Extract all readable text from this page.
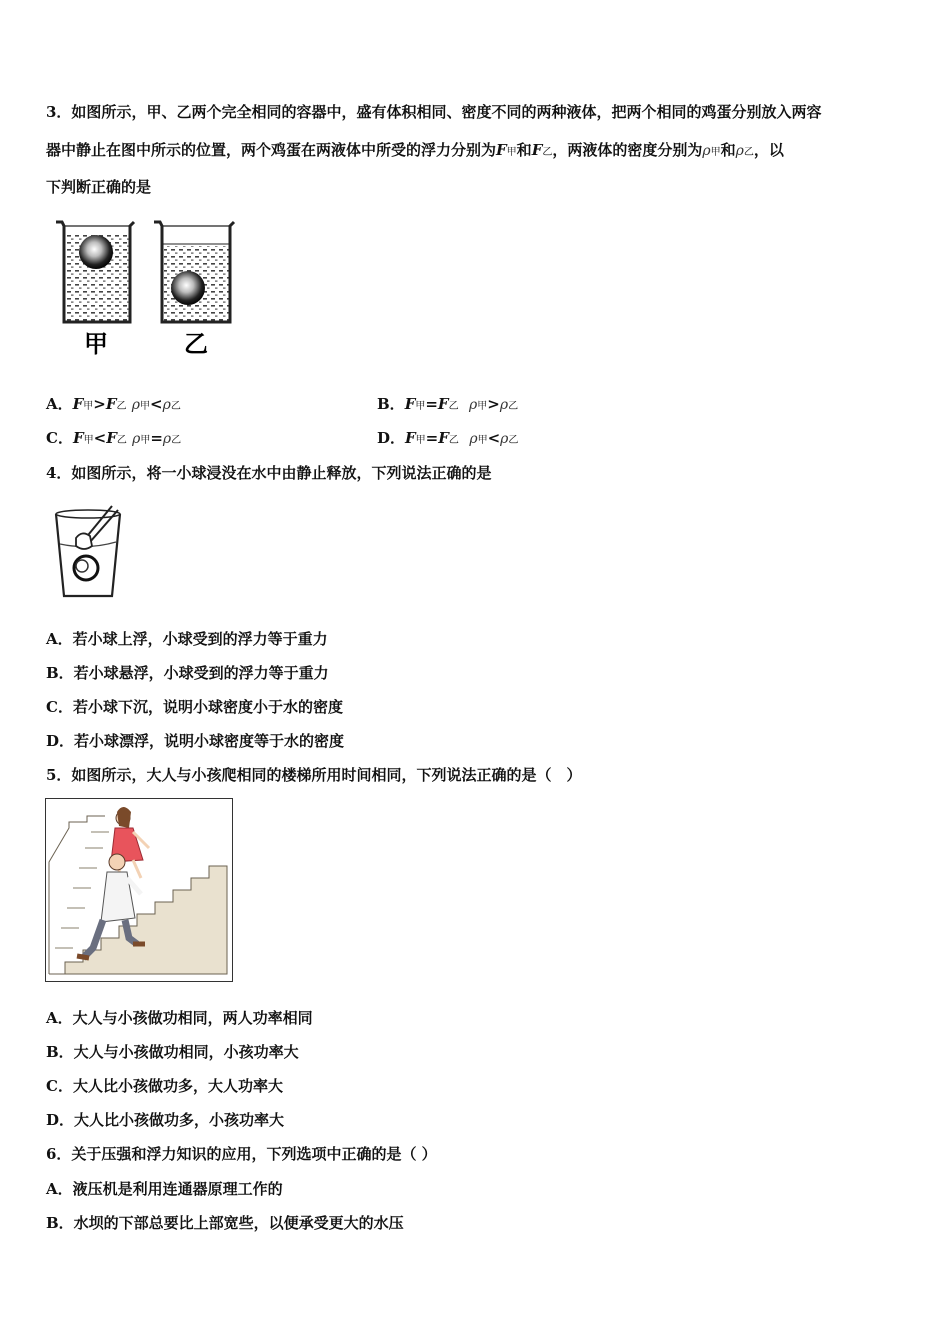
3．如图所示，甲、乙两个完全相同的容器中，盛有体积相同、密度不同的两种液体，把两个相同的鸡蛋分别放入两容
器中静止在图中所示的位置，两个鸡蛋在两液体中所受的浮力分别为F甲和F乙，两液体的密度分别为ρ甲和ρ乙，以
下判断正确的是
甲	乙
A．F甲>F乙 ρ甲<ρ乙	B．F甲=F乙 ρ甲>ρ乙
C．F甲<F乙 ρ甲=ρ乙	D．F甲=F乙 ρ甲<ρ乙
4．如图所示，将一小球浸没在水中由静止释放，下列说法正确的是
A．若小球上浮，小球受到的浮力等于重力
B．若小球悬浮，小球受到的浮力等于重力
C．若小球下沉，说明小球密度小于水的密度
D．若小球漂浮，说明小球密度等于水的密度
5．如图所示，大人与小孩爬相同的楼梯所用时间相同，下列说法正确的是（　）
A．大人与小孩做功相同，两人功率相同
B．大人与小孩做功相同，小孩功率大
C．大人比小孩做功多，大人功率大
D．大人比小孩做功多，小孩功率大
6．关于压强和浮力知识的应用，下列选项中正确的是（ ）
A．液压机是利用连通器原理工作的
B．水坝的下部总要比上部宽些，以便承受更大的水压
